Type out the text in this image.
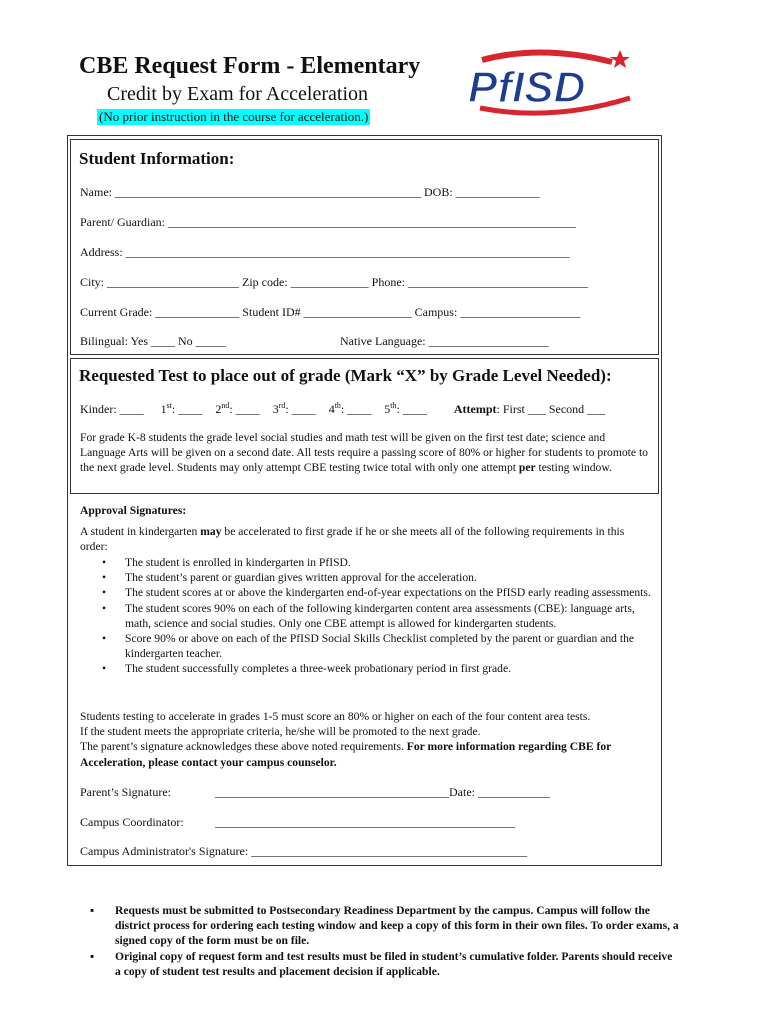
CBE Request Form - Elementary
Credit by Exam for Acceleration
(No prior instruction in the course for acceleration.)
PfISD
Student Information:
Name: ___________________________________________________ DOB: ______________
Parent/ Guardian: ____________________________________________________________________
Address: __________________________________________________________________________
City: ______________________ Zip code: _____________ Phone: ______________________________
Current Grade: ______________ Student ID# __________________ Campus: ____________________
Bilingual: Yes ____ No _____	Native Language: ____________________
Requested Test to place out of grade (Mark “X” by Grade Level Needed):
Kinder: ____ 1st: ____ 2nd: ____ 3rd: ____ 4th: ____ 5th: ____ Attempt: First ___ Second ___
For grade K-8 students the grade level social studies and math test will be given on the first test date; science and Language Arts will be given on a second date. All tests require a passing score of 80% or higher for students to promote to the next grade level. Students may only attempt CBE testing twice total with only one attempt per testing window.
Approval Signatures:
A student in kindergarten may be accelerated to first grade if he or she meets all of the following requirements in this order:
• The student is enrolled in kindergarten in PfISD.
• The student’s parent or guardian gives written approval for the acceleration.
• The student scores at or above the kindergarten end-of-year expectations on the PfISD early reading assessments.
• The student scores 90% on each of the following kindergarten content area assessments (CBE): language arts, math, science and social studies. Only one CBE attempt is allowed for kindergarten students.
• Score 90% or above on each of the PfISD Social Skills Checklist completed by the parent or guardian and the kindergarten teacher.
• The student successfully completes a three-week probationary period in first grade.
Students testing to accelerate in grades 1-5 must score an 80% or higher on each of the four content area tests.
If the student meets the appropriate criteria, he/she will be promoted to the next grade.
The parent’s signature acknowledges these above noted requirements. For more information regarding CBE for Acceleration, please contact your campus counselor.
Parent’s Signature:	_______________________________________Date: ____________
Campus Coordinator:	__________________________________________________
Campus Administrator's Signature: ______________________________________________
▪ Requests must be submitted to Postsecondary Readiness Department by the campus. Campus will follow the district process for ordering each testing window and keep a copy of this form in their own files. To order exams, a signed copy of the form must be on file.
▪ Original copy of request form and test results must be filed in student’s cumulative folder. Parents should receive a copy of student test results and placement decision if applicable.
